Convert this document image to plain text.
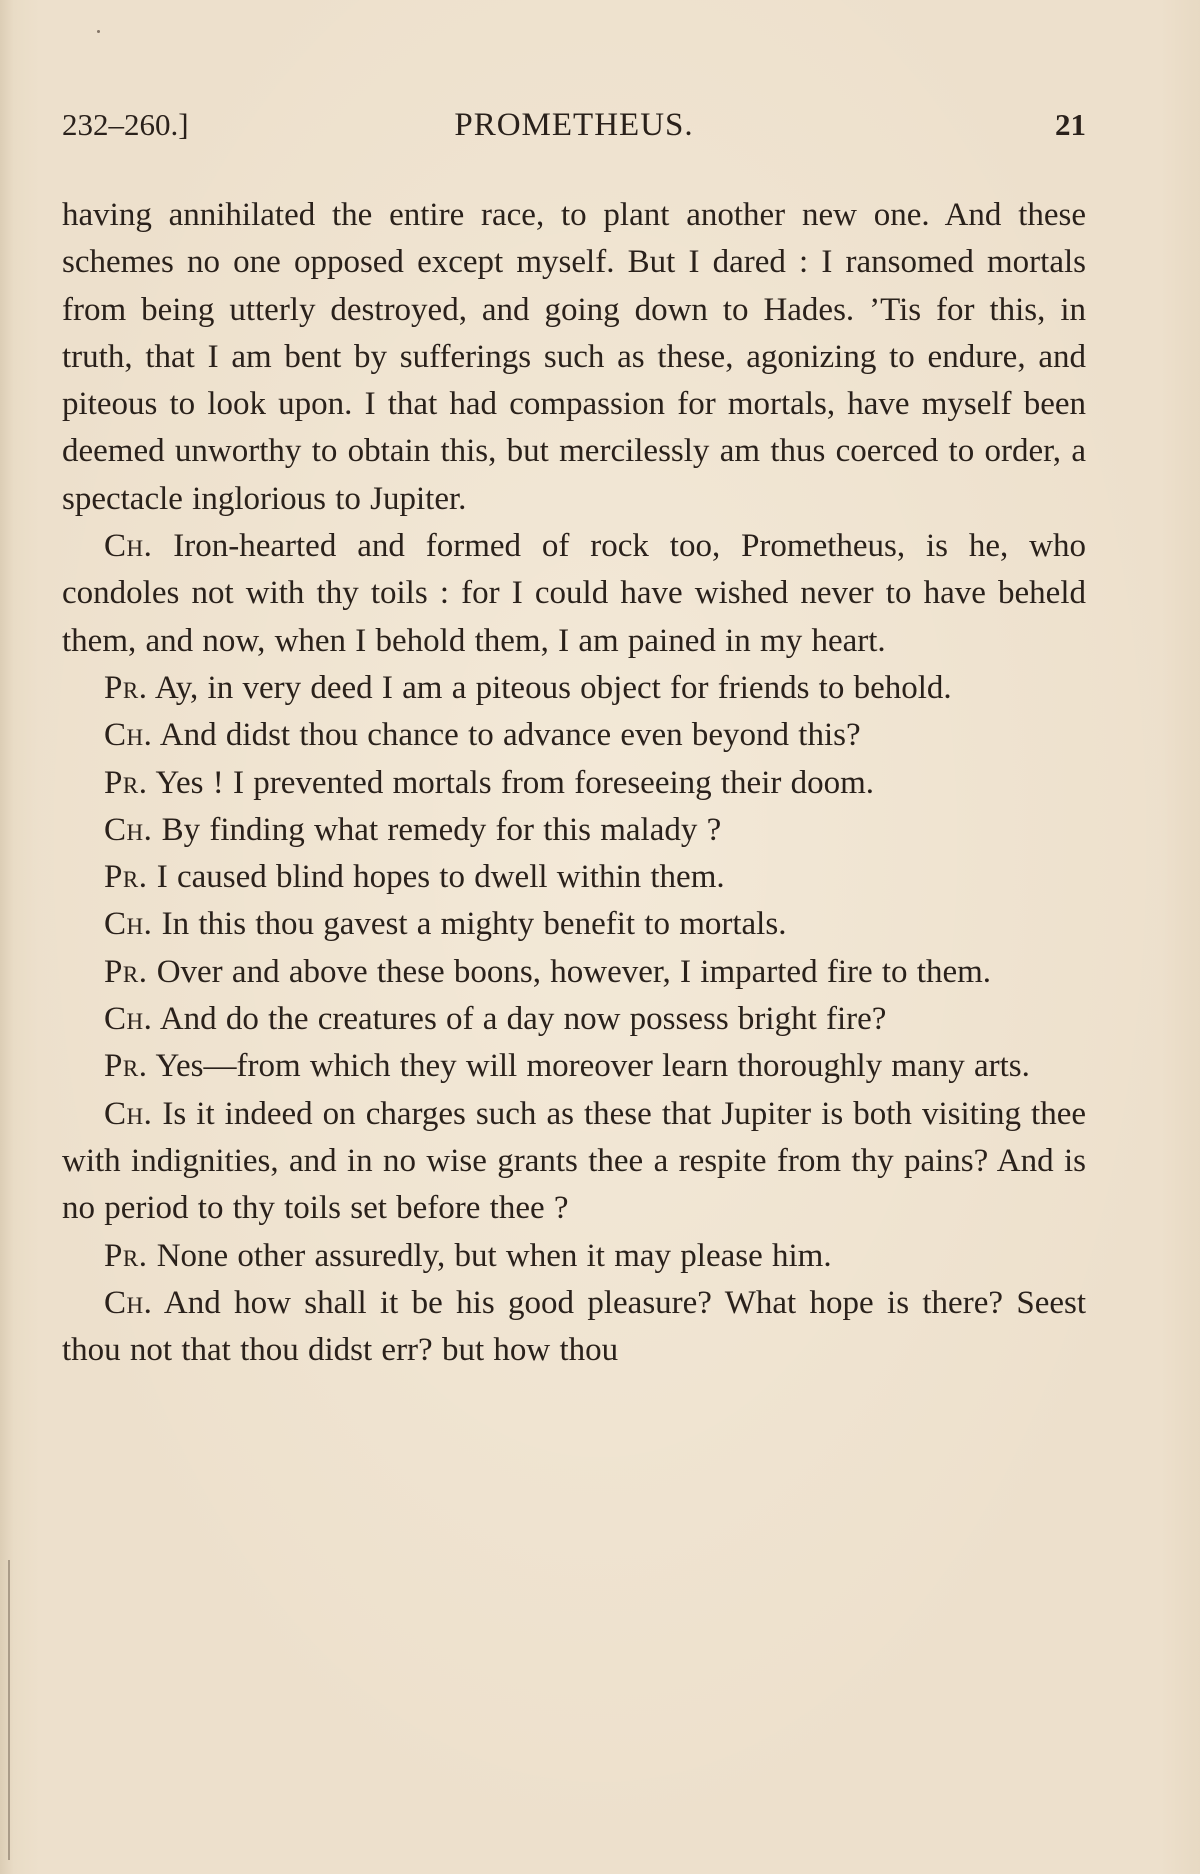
232–260.]	PROMETHEUS.	21

having annihilated the entire race, to plant another new one. And these schemes no one opposed except myself. But I dared : I ransomed mortals from being utterly destroyed, and going down to Hades. ’Tis for this, in truth, that I am bent by sufferings such as these, agonizing to endure, and piteous to look upon. I that had compassion for mortals, have myself been deemed unworthy to obtain this, but mercilessly am thus coerced to order, a spectacle inglorious to Jupiter.

Ch. Iron-hearted and formed of rock too, Prometheus, is he, who condoles not with thy toils : for I could have wished never to have beheld them, and now, when I behold them, I am pained in my heart.

Pr. Ay, in very deed I am a piteous object for friends to behold.

Ch. And didst thou chance to advance even beyond this?

Pr. Yes ! I prevented mortals from foreseeing their doom.

Ch. By finding what remedy for this malady ?

Pr. I caused blind hopes to dwell within them.

Ch. In this thou gavest a mighty benefit to mortals.

Pr. Over and above these boons, however, I imparted fire to them.

Ch. And do the creatures of a day now possess bright fire?

Pr. Yes—from which they will moreover learn thoroughly many arts.

Ch. Is it indeed on charges such as these that Jupiter is both visiting thee with indignities, and in no wise grants thee a respite from thy pains? And is no period to thy toils set before thee ?

Pr. None other assuredly, but when it may please him.

Ch. And how shall it be his good pleasure? What hope is there? Seest thou not that thou didst err? but how thou
